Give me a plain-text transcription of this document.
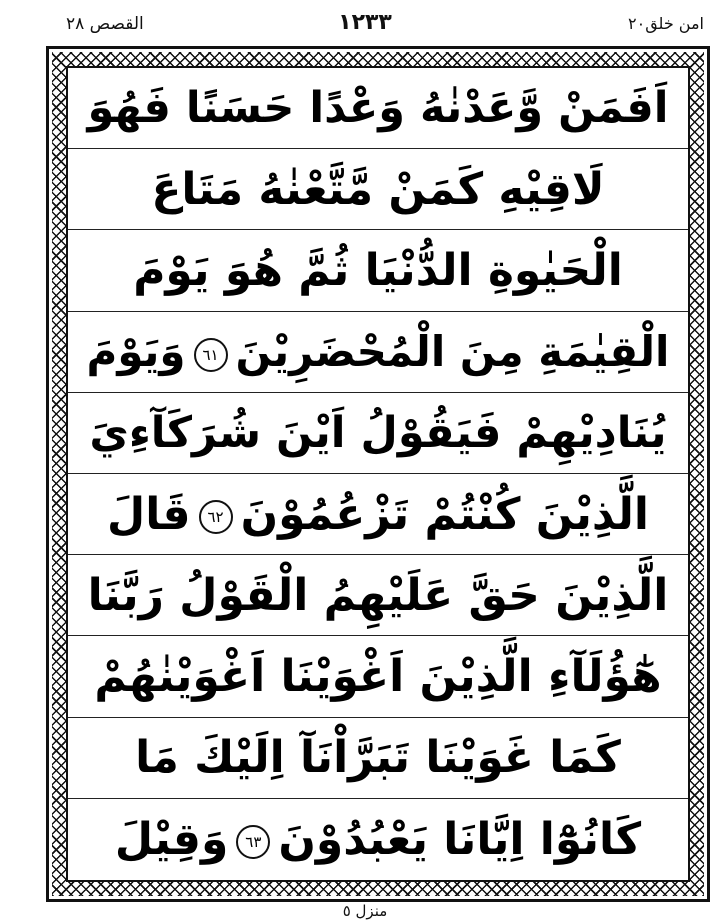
القصص ٢٨	١٢٣٣	امن خلق٢٠
اَفَمَنْ وَّعَدْنٰهُ وَعْدًا حَسَنًا فَهُوَ
لَاقِيْهِ كَمَنْ مَّتَّعْنٰهُ مَتَاعَ
الْحَيٰوةِ الدُّنْيَا ثُمَّ هُوَ يَوْمَ
الْقِيٰمَةِ مِنَ الْمُحْضَرِيْنَ٦١وَيَوْمَ
يُنَادِيْهِمْ فَيَقُوْلُ اَيْنَ شُرَكَآءِيَ
الَّذِيْنَ كُنْتُمْ تَزْعُمُوْنَ٦٢قَالَ
الَّذِيْنَ حَقَّ عَلَيْهِمُ الْقَوْلُ رَبَّنَا
هٰٓؤُلَآءِ الَّذِيْنَ اَغْوَيْنَا اَغْوَيْنٰهُمْ
كَمَا غَوَيْنَا تَبَرَّاْنَآ اِلَيْكَ مَا
كَانُوْٓا اِيَّانَا يَعْبُدُوْنَ٦٣وَقِيْلَ
منزل ٥
